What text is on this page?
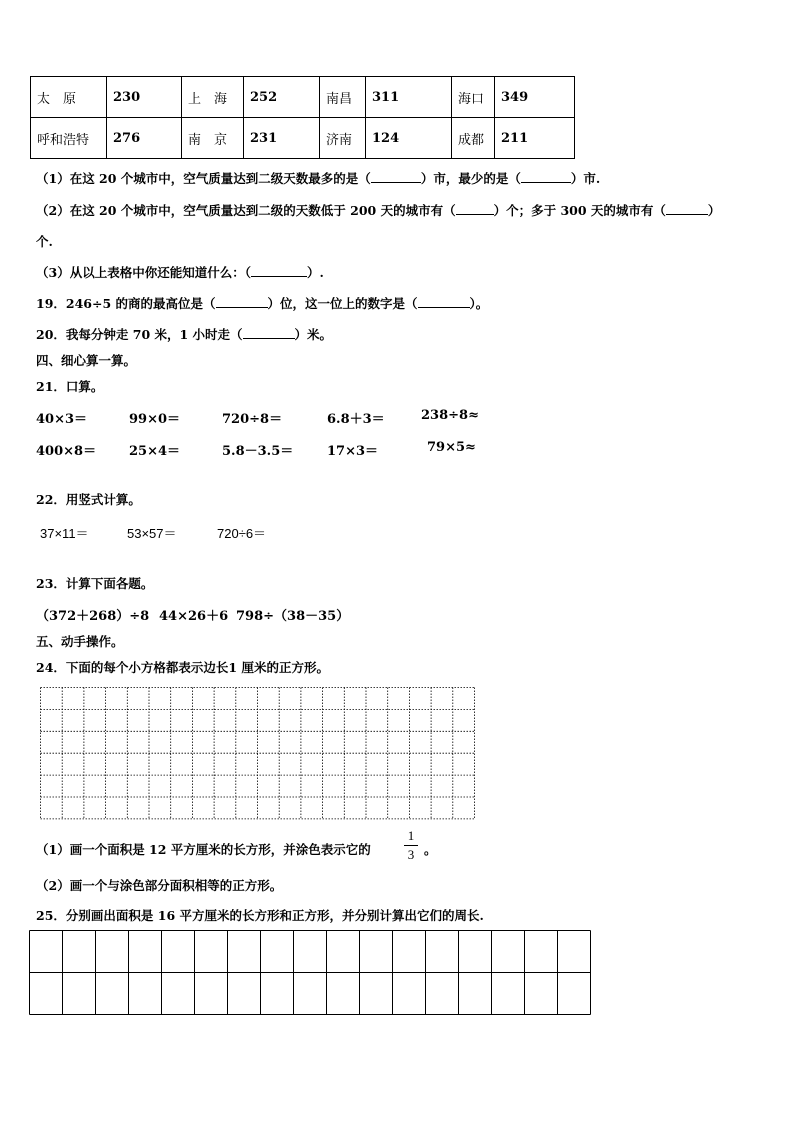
太　原	230	上　海	252	南昌	311	海口	349
呼和浩特	276	南　京	231	济南	124	成都	211
（1）在这 20 个城市中，空气质量达到二级天数最多的是（	）市，最少的是（	）市.
（2）在这 20 个城市中，空气质量达到二级的天数低于 200 天的城市有（	）个；多于 300 天的城市有（	）
个.
（3）从以上表格中你还能知道什么：（	）.
19．246÷5 的商的最高位是（	）位，这一位上的数字是（	）。
20．我每分钟走 70 米，1 小时走（	）米。
四、细心算一算。
21．口算。
40×3＝	99×0＝	720÷8＝	6.8＋3＝	238÷8≈
400×8＝	25×4＝	5.8－3.5＝	17×3＝	79×5≈
22．用竖式计算。
37×11＝	53×57＝	720÷6＝
23．计算下面各题。
（372＋268）÷8 44×26＋6 798÷（38－35）
五、动手操作。
24．下面的每个小方格都表示边长1 厘米的正方形。
（1）画一个面积是 12 平方厘米的长方形，并涂色表示它的
1
3 。
（2）画一个与涂色部分面积相等的正方形。
25．分别画出面积是 16 平方厘米的长方形和正方形，并分别计算出它们的周长.
